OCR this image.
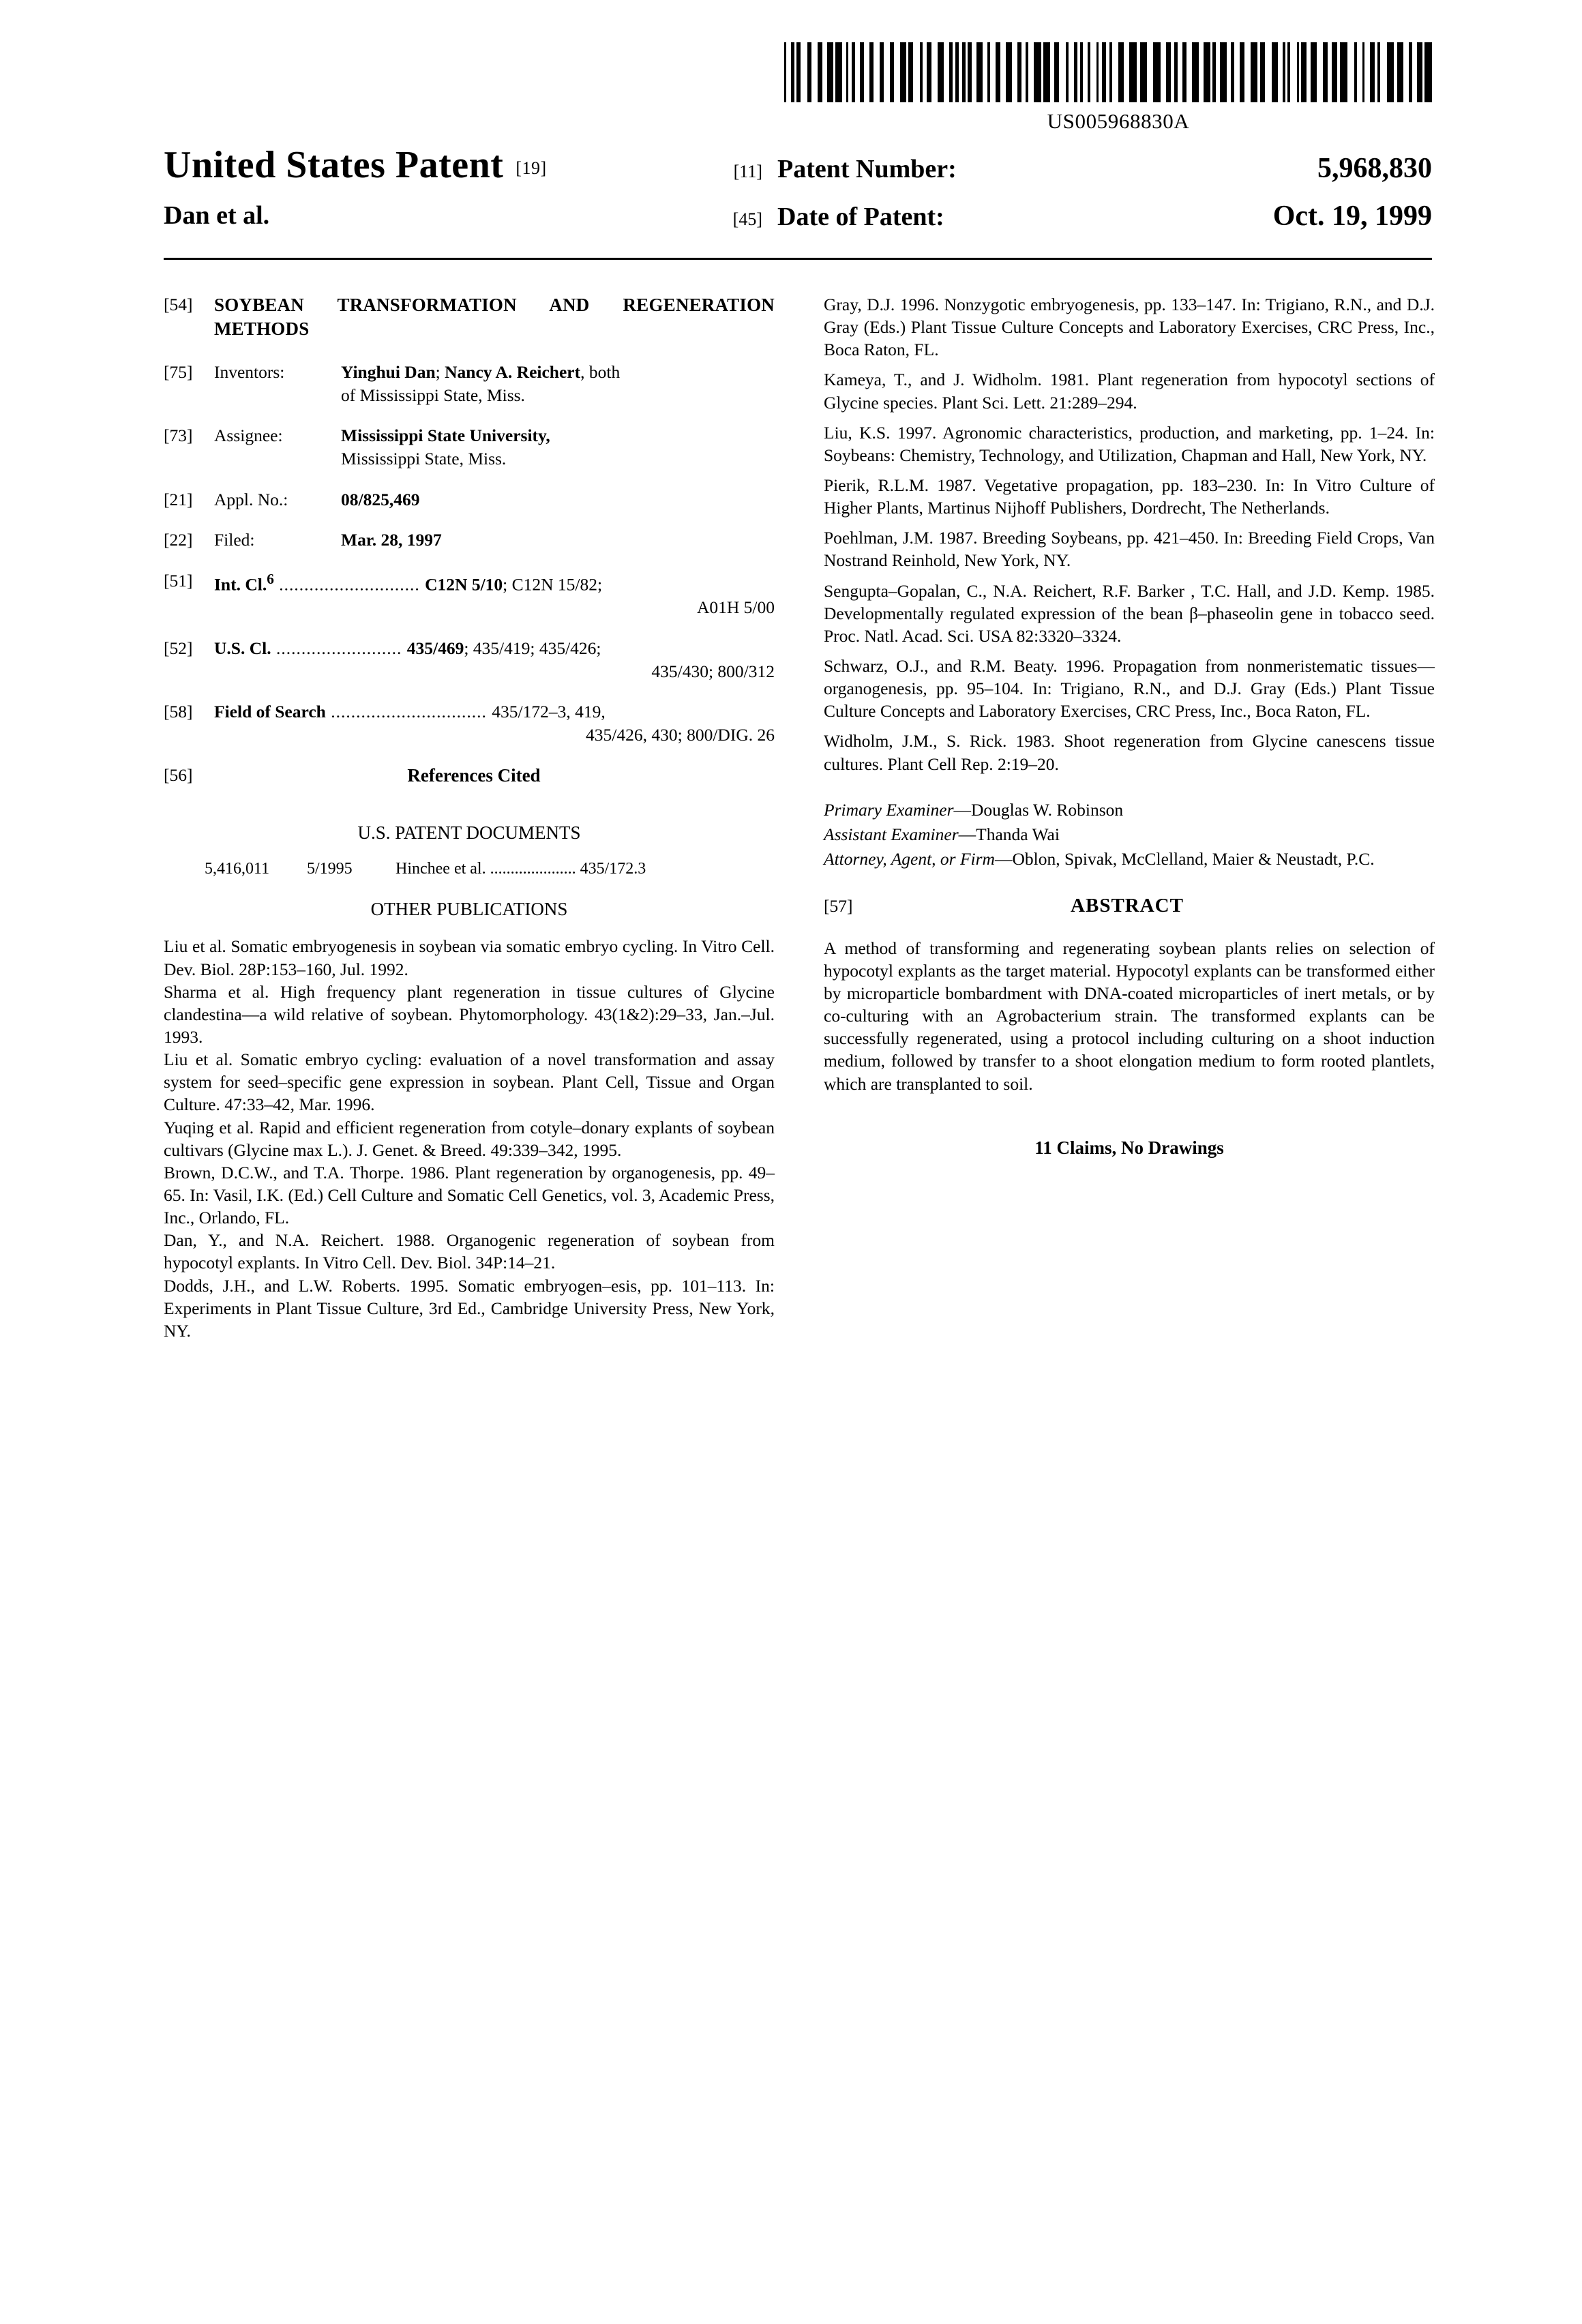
US005968830A
United States Patent [19]
Dan et al.
[11] Patent Number:	5,968,830
[45] Date of Patent:	Oct. 19, 1999
[54]	SOYBEAN TRANSFORMATION AND REGENERATION METHODS
[75]	Inventors:	Yinghui Dan; Nancy A. Reichert, both
of Mississippi State, Miss.
[73]	Assignee:	Mississippi State University,
Mississippi State, Miss.
[21]	Appl. No.:	08/825,469
[22]	Filed:	Mar. 28, 1997
[51]	Int. Cl.$^6$ ............................ C12N 5/10; C12N 15/82;
A01H 5/00
[52]	U.S. Cl. ......................... 435/469; 435/419; 435/426;
435/430; 800/312
[58]	Field of Search ............................... 435/172–3, 419,
435/426, 430; 800/DIG. 26
[56]	References Cited
U.S. PATENT DOCUMENTS
5,416,011	5/1995	Hinchee et al. ..................... 435/172.3
OTHER PUBLICATIONS

Liu et al. Somatic embryogenesis in soybean via somatic embryo cycling. In Vitro Cell. Dev. Biol. 28P:153–160, Jul. 1992.

Sharma et al. High frequency plant regeneration in tissue cultures of Glycine clandestina—a wild relative of soybean. Phytomorphology. 43(1&2):29–33, Jan.–Jul. 1993.

Liu et al. Somatic embryo cycling: evaluation of a novel transformation and assay system for seed–specific gene expression in soybean. Plant Cell, Tissue and Organ Culture. 47:33–42, Mar. 1996.

Yuqing et al. Rapid and efficient regeneration from cotyle–donary explants of soybean cultivars (Glycine max L.). J. Genet. & Breed. 49:339–342, 1995.

Brown, D.C.W., and T.A. Thorpe. 1986. Plant regeneration by organogenesis, pp. 49–65. In: Vasil, I.K. (Ed.) Cell Culture and Somatic Cell Genetics, vol. 3, Academic Press, Inc., Orlando, FL.

Dan, Y., and N.A. Reichert. 1988. Organogenic regeneration of soybean from hypocotyl explants. In Vitro Cell. Dev. Biol. 34P:14–21.

Dodds, J.H., and L.W. Roberts. 1995. Somatic embryogen–esis, pp. 101–113. In: Experiments in Plant Tissue Culture, 3rd Ed., Cambridge University Press, New York, NY.

Gray, D.J. 1996. Nonzygotic embryogenesis, pp. 133–147. In: Trigiano, R.N., and D.J. Gray (Eds.) Plant Tissue Culture Concepts and Laboratory Exercises, CRC Press, Inc., Boca Raton, FL.

Kameya, T., and J. Widholm. 1981. Plant regeneration from hypocotyl sections of Glycine species. Plant Sci. Lett. 21:289–294.

Liu, K.S. 1997. Agronomic characteristics, production, and marketing, pp. 1–24. In: Soybeans: Chemistry, Technology, and Utilization, Chapman and Hall, New York, NY.

Pierik, R.L.M. 1987. Vegetative propagation, pp. 183–230. In: In Vitro Culture of Higher Plants, Martinus Nijhoff Publishers, Dordrecht, The Netherlands.

Poehlman, J.M. 1987. Breeding Soybeans, pp. 421–450. In: Breeding Field Crops, Van Nostrand Reinhold, New York, NY.

Sengupta–Gopalan, C., N.A. Reichert, R.F. Barker , T.C. Hall, and J.D. Kemp. 1985. Developmentally regulated expression of the bean β–phaseolin gene in tobacco seed. Proc. Natl. Acad. Sci. USA 82:3320–3324.

Schwarz, O.J., and R.M. Beaty. 1996. Propagation from nonmeristematic tissues—organogenesis, pp. 95–104. In: Trigiano, R.N., and D.J. Gray (Eds.) Plant Tissue Culture Concepts and Laboratory Exercises, CRC Press, Inc., Boca Raton, FL.

Widholm, J.M., S. Rick. 1983. Shoot regeneration from Glycine canescens tissue cultures. Plant Cell Rep. 2:19–20.

Primary Examiner—Douglas W. Robinson

Assistant Examiner—Thanda Wai

Attorney, Agent, or Firm—Oblon, Spivak, McClelland, Maier & Neustadt, P.C.

[57]	ABSTRACT

A method of transforming and regenerating soybean plants relies on selection of hypocotyl explants as the target material. Hypocotyl explants can be transformed either by microparticle bombardment with DNA-coated microparticles of inert metals, or by co-culturing with an Agrobacterium strain. The transformed explants can be successfully regenerated, using a protocol including culturing on a shoot induction medium, followed by transfer to a shoot elongation medium to form rooted plantlets, which are transplanted to soil.

11 Claims, No Drawings
